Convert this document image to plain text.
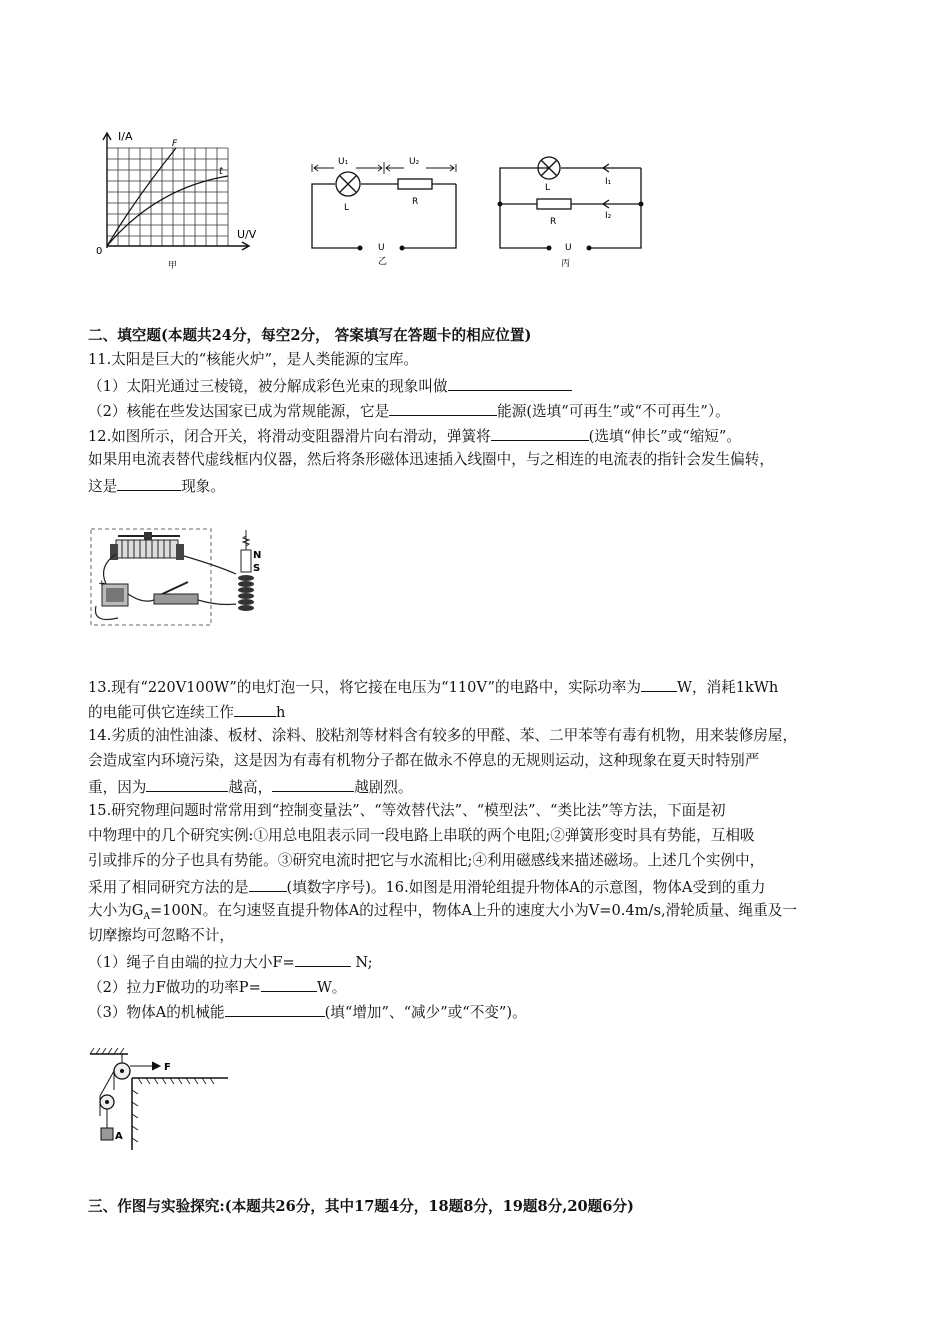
I/A
U/V
0
F
t
甲
U₁	U₂
L
R
U
乙
L
I₁
R
I₂
U
丙
二、填空题(本题共24分，每空2分， 答案填写在答题卡的相应位置)
11.太阳是巨大的“核能火炉”，是人类能源的宝库。
（1）太阳光通过三棱镜，被分解成彩色光束的现象叫做
（2）核能在些发达国家已成为常规能源，它是	能源(选填“可再生”或“不可再生”）。
12.如图所示，闭合开关，将滑动变阻器滑片向右滑动，弹簧将	(选填“伸长”或“缩短”。
如果用电流表替代虚线框内仪器，然后将条形磁体迅速插入线圈中，与之相连的电流表的指针会发生偏转，
这是	现象。
N
S
+
13.现有“220V100W”的电灯泡一只，将它接在电压为“110V”的电路中，实际功率为 W，消耗1kWh
的电能可供它连续工作	h
14.劣质的油性油漆、板材、涂料、胶粘剂等材料含有较多的甲醛、苯、二甲苯等有毒有机物，用来装修房屋，
会造成室内环境污染，这是因为有毒有机物分子都在做永不停息的无规则运动，这种现象在夏天时特别严
重，因为	越高，	越剧烈。
15.研究物理问题时常常用到“控制变量法”、“等效替代法”、“模型法”、“类比法”等方法，下面是初
中物理中的几个研究实例:①用总电阻表示同一段电路上串联的两个电阻;②弹簧形变时具有势能，互相吸
引或排斥的分子也具有势能。③研究电流时把它与水流相比;④利用磁感线来描述磁场。上述几个实例中，
采用了相同研究方法的是	(填数字序号)。16.如图是用滑轮组提升物体A的示意图，物体A受到的重力
大小为$G_A=100N$。在匀速竖直提升物体A的过程中，物体A上升的速度大小为V=0.4m/s,滑轮质量、绳重及一
切摩擦均可忽略不计，
（1）绳子自由端的拉力大小F=	N;
（2）拉力F做功的功率P=	W。
（3）物体A的机械能	(填“增加”、“减少”或“不变”)。
F
A
三、作图与实验探究:(本题共26分，其中17题4分，18题8分，19题8分,20题6分)
